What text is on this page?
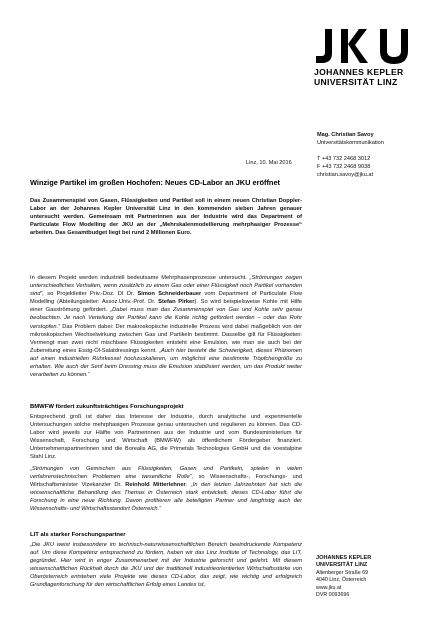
JOHANNES KEPLER
UNIVERSITÄT LINZ
Mag. Christian Savoy
Universitätskommunikation
T +43 732 2468 3012
F +43 732 2468 9038
christian.savoy@jku.at
Linz, 10. Mai 2016
Winzige Partikel im großen Hochofen: Neues CD-Labor an JKU eröffnet
Das Zusammenspiel von Gasen, Flüssigkeiten und Partikel soll in einem neuen Christian Doppler-Labor an der Johannes Kepler Universität Linz in den kommenden sieben Jahren genauer untersucht werden. Gemeinsam mit Partnerinnen aus der Industrie wird das Department of Particulate Flow Modelling der JKU an der „Mehrskalenmodellierung mehrphasiger Prozesse“ arbeiten. Das Gesamtbudget liegt bei rund 2 Millionen Euro.
In diesem Projekt werden industriell bedeutsame Mehrphasenprozesse untersucht. „Strömungen zeigen unterschiedliches Verhalten, wenn zusätzlich zu einem Gas oder einer Flüssigkeit noch Partikel vorhanden sind“, so Projektleiter Priv.-Doz. DI Dr. Simon Schneiderbauer vom Department of Particulate Flow Modelling (Abteilungsleiter: Assoz.Univ.-Prof. Dr. Stefan Pirker). So wird beispielsweise Kohle mit Hilfe einer Gasströmung gefördert. „Dabei muss man das Zusammenspiel von Gas und Kohle sehr genau beobachten. Je nach Verteilung der Partikel kann die Kohle richtig gefördert werden – oder das Rohr verstopfen.“ Das Problem dabei: Der makroskopische industrielle Prozess wird dabei maßgeblich von der mikroskopischen Wechselwirkung zwischen Gas und Partikeln bestimmt. Dasselbe gilt für Flüssigkeiten: Vermengt man zwei nicht mischbare Flüssigkeiten entsteht eine Emulsion, wie man sie auch bei der Zubereitung eines Essig-Öl-Salatdressings kennt. „Auch hier besteht die Schwierigkeit, dieses Phänomen auf einen industriellen Rührkessel hochzuskalieren, um möglichst eine bestimmte Tröpfchengröße zu erhalten. Wie auch der Senf beim Dressing muss die Emulsion stabilisiert werden, um das Produkt weiter verarbeiten zu können.“
BMWFW fördert zukunftsträchtiges Forschungsprojekt
Entsprechend groß ist daher das Interesse der Industrie, durch analytische und experimentelle Untersuchungen solche mehrphasigen Prozesse genau untersuchen und regulieren zu können. Das CD-Labor wird jeweils zur Hälfte von Partnerinnen aus der Industrie und vom Bundesministerium für Wissenschaft, Forschung und Wirtschaft (BMWFW) als öffentlichem Fördergeber finanziert. Unternehmenspartnerinnen sind die Borealis AG, die Primetals Technologies GmbH und die voestalpine Stahl Linz.
„Strömungen von Gemischen aus Flüssigkeiten, Gasen und Partikeln, spielen in vielen verfahrenstechnischen Problemen eine wesentliche Rolle“, so Wissenschafts-, Forschungs- und Wirtschaftsminister Vizekanzler Dr. Reinhold Mitterlehner. „In den letzten Jahrzehnten hat sich die wissenschaftliche Behandlung des Themas in Österreich stark entwickelt, dieses CD-Labor führt die Forschung in eine neue Richtung. Davon profitieren alle beteiligten Partner und langfristig auch der Wissenschafts- und Wirtschaftsstandort Österreich.“
LIT als starker Forschungspartner
„Die JKU weist insbesondere im technisch-naturwissenschaftlichen Bereich beeindruckende Kompetenz auf. Um diese Kompetenz entsprechend zu fördern, haben wir das Linz Institute of Technology, das LIT, gegründet. Hier wird in enger Zusammenarbeit mit der Industrie geforscht und gelehrt. Mit diesem wissenschaftlichen Rückhalt durch die JKU und der traditionell industrieorientierten Wirtschaftsstärke von Oberösterreich entstehen viele Projekte wie dieses CD-Labor, das zeigt, wie wichtig und erfolgreich Grundlagenforschung für den wirtschaftlichen Erfolg eines Landes ist,
JOHANNES KEPLER
UNIVERSITÄT LINZ
Altenberger Straße 69
4040 Linz, Österreich
www.jku.at
DVR 0093696
